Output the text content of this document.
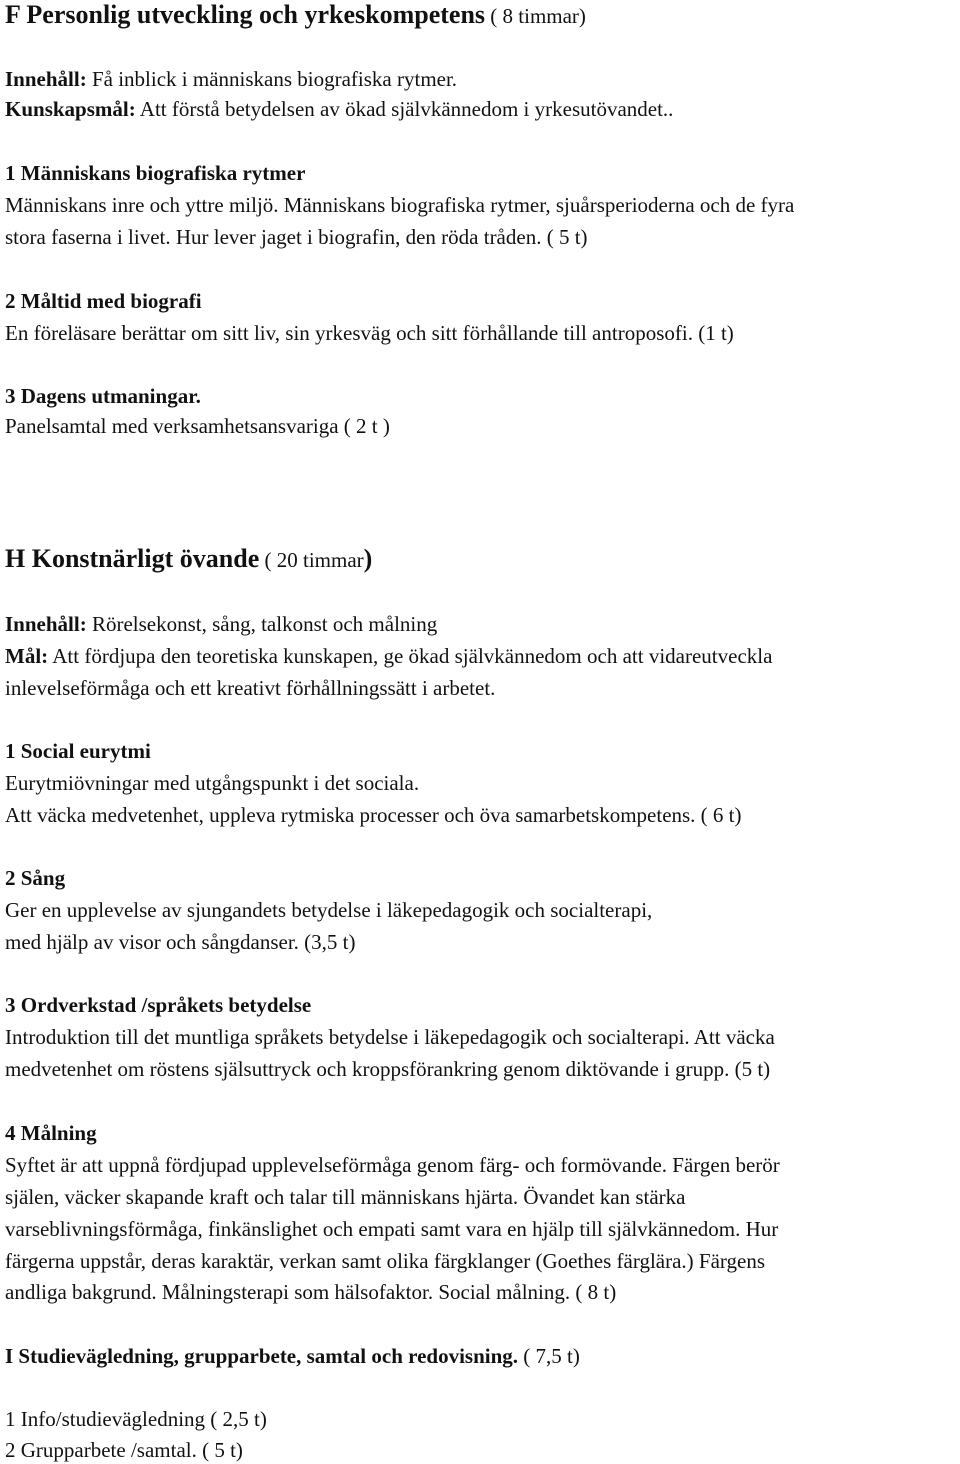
F Personlig utveckling och yrkeskompetens ( 8 timmar)
Innehåll: Få inblick i människans biografiska rytmer.
Kunskapsmål: Att förstå betydelsen av ökad självkännedom i yrkesutövandet..
1 Människans biografiska rytmer
Människans inre och yttre miljö. Människans biografiska rytmer, sjuårsperioderna och de fyra
stora faserna i livet. Hur lever jaget i biografin, den röda tråden. ( 5 t)
2 Måltid med biografi
En föreläsare berättar om sitt liv, sin yrkesväg och sitt förhållande till antroposofi. (1 t)
3 Dagens utmaningar.
Panelsamtal med verksamhetsansvariga ( 2 t )
H Konstnärligt övande ( 20 timmar)
Innehåll: Rörelsekonst, sång, talkonst och målning
Mål: Att fördjupa den teoretiska kunskapen, ge ökad självkännedom och att vidareutveckla
inlevelseförmåga och ett kreativt förhållningssätt i arbetet.
1 Social eurytmi
Eurytmiövningar med utgångspunkt i det sociala.
Att väcka medvetenhet, uppleva rytmiska processer och öva samarbetskompetens. ( 6 t)
2 Sång
Ger en upplevelse av sjungandets betydelse i läkepedagogik och socialterapi,
med hjälp av visor och sångdanser. (3,5 t)
3 Ordverkstad /språkets betydelse
Introduktion till det muntliga språkets betydelse i läkepedagogik och socialterapi. Att väcka
medvetenhet om röstens själsuttryck och kroppsförankring genom diktövande i grupp. (5 t)
4 Målning
Syftet är att uppnå fördjupad upplevelseförmåga genom färg- och formövande. Färgen berör
själen, väcker skapande kraft och talar till människans hjärta. Övandet kan stärka
varseblivningsförmåga, finkänslighet och empati samt vara en hjälp till självkännedom. Hur
färgerna uppstår, deras karaktär, verkan samt olika färgklanger (Goethes färglära.) Färgens
andliga bakgrund. Målningsterapi som hälsofaktor. Social målning. ( 8 t)
I Studievägledning, grupparbete, samtal och redovisning. ( 7,5 t)
1 Info/studievägledning ( 2,5 t)
2 Grupparbete /samtal. ( 5 t)
